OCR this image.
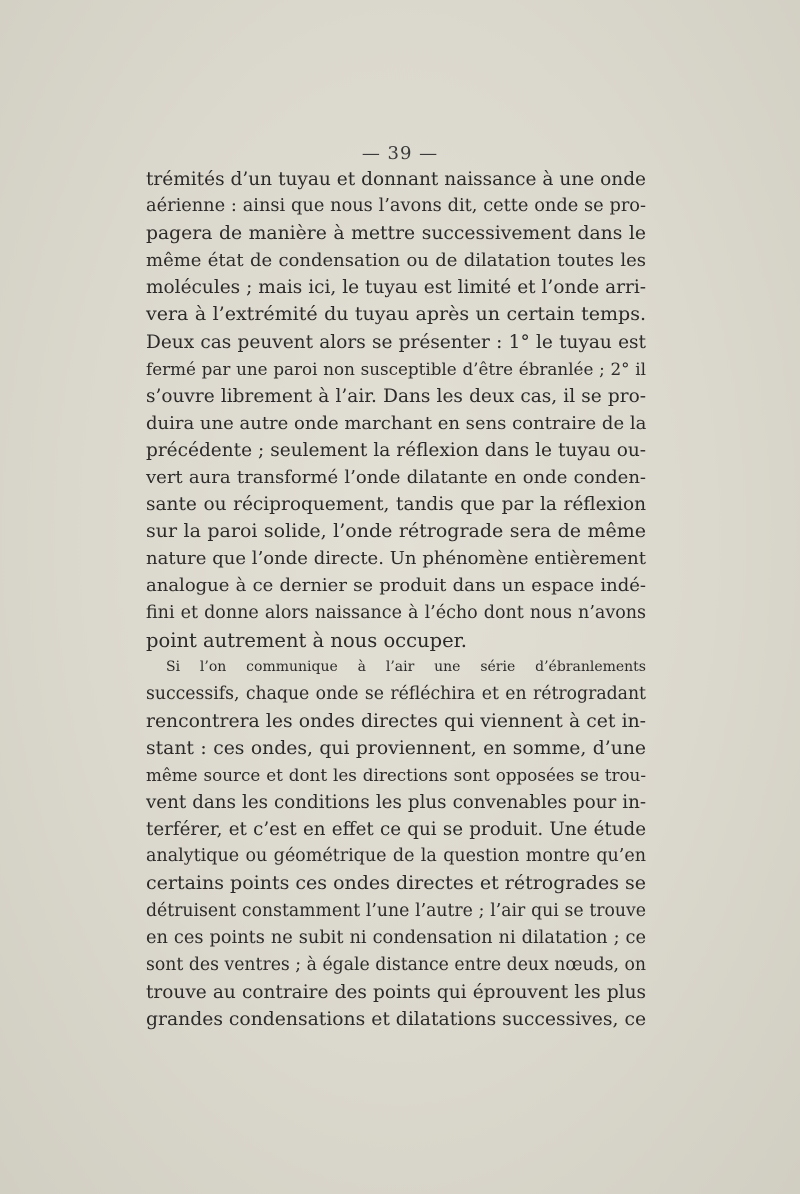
— 39 —
trémités d’un tuyau et donnant naissance à une onde
aérienne : ainsi que nous l’avons dit, cette onde se pro-
pagera de manière à mettre successivement dans le
même état de condensation ou de dilatation toutes les
molécules ; mais ici, le tuyau est limité et l’onde arri-
vera à l’extrémité du tuyau après un certain temps.
Deux cas peuvent alors se présenter : 1° le tuyau est
fermé par une paroi non susceptible d’être ébranlée ; 2° il
s’ouvre librement à l’air. Dans les deux cas, il se pro-
duira une autre onde marchant en sens contraire de la
précédente ; seulement la réflexion dans le tuyau ou-
vert aura transformé l’onde dilatante en onde conden-
sante ou réciproquement, tandis que par la réflexion
sur la paroi solide, l’onde rétrograde sera de même
nature que l’onde directe. Un phénomène entièrement
analogue à ce dernier se produit dans un espace indé-
fini et donne alors naissance à l’écho dont nous n’avons
point autrement à nous occuper.
Si l’on communique à l’air une série d’ébranlements
successifs, chaque onde se réfléchira et en rétrogradant
rencontrera les ondes directes qui viennent à cet in-
stant : ces ondes, qui proviennent, en somme, d’une
même source et dont les directions sont opposées se trou-
vent dans les conditions les plus convenables pour in-
terférer, et c’est en effet ce qui se produit. Une étude
analytique ou géométrique de la question montre qu’en
certains points ces ondes directes et rétrogrades se
détruisent constamment l’une l’autre ; l’air qui se trouve
en ces points ne subit ni condensation ni dilatation ; ce
sont des ventres ; à égale distance entre deux nœuds, on
trouve au contraire des points qui éprouvent les plus
grandes condensations et dilatations successives, ce
